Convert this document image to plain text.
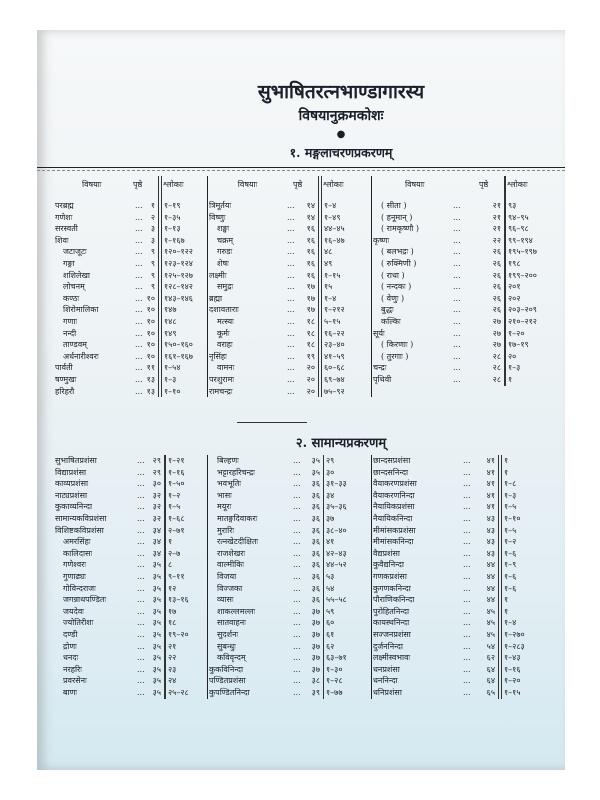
सुभाषितरत्नभाण्डागारस्य
विषयानुक्रमकोशः
●
१. मङ्गलाचरणप्रकरणम्
विषयाः	पृष्ठे	श्लोकाः
परब्रह्म	...	१ १–१९
गणेशः	...	२ १–३५
सरस्वती	...	३ १–१३
शिवः	...	३ १–१६७
जटाजूटः	...	९ १२०–१२२
गङ्गा	...	९ १२३–१२४
शशिलेखा	...	९ १२५–१२७
लोचनम्	...	९ १२८–१४२
कण्ठः	... १० १४३–१४६
शिरोमालिका	... १० १४७
गणाः	... १० १४८
नन्दी	... १० १४९
ताण्डवम्	... १० १५०–१६०
अर्धनारीश्वरः	... १० १६१–१६७
पार्वती	... ११ १–५४
षण्मुखः	... १३ १–३
हरिहरौ	... १३ १–१०
विषयाः	पृष्ठे	श्लोकाः
त्रिमूर्तयः	...	१४ १–४
विष्णुः	...	१४ १–४९
शङ्खः	...	१६ ४४–४५
चक्रम्	...	१६ १६–४७
गरुडः	...	१६ ४८
शेषः	...	१६ ४९
लक्ष्मीः	...	१६ १–१५
समुद्रः	...	१७ १५
ब्रह्मा	...	१७ १–४
दशावताराः	...	१७ १–२१२
मत्स्यः	...	१८ ५–१५
कूर्मः	...	१८ १६–२२
वराहः	...	१८ २३–४०
नृसिंहः	...	१९ ४१–५९
वामनः	...	२० ६०–६८
परशुरामः	...	२० ६९–७४
रामचन्द्रः	...	२० ७५–९२
विषयाः	पृष्ठे श्लोकाः
( सीता )	...	२१ ९३
( हनूमान् )	...	२१ ९४–९५
( रामकृष्णौ )	...	२१ ९६–९८
कृष्णः	...	२२ ९९–१९४
( बलभद्रः )	...	२६ १९५–१९७
( रुक्मिणी )	...	२६ १९८
( राधा )	...	२६ १९९–२००
( नन्दकः )	...	२६ २०१
( वेणुः )	...	२६ २०२
बुद्धः	...	२६ २०३–२०९
कल्किः	...	२७ २१०–२१२
सूर्यः	...	२७ १–२०
( किरणाः )	...	२७ १७–१९
( तुरगाः )	...	२८ २०
चन्द्रः	...	२८ १–३
पृथिवी	...	२८ १
२. सामान्यप्रकरणम्
सुभाषितप्रशंसा	...	२९ १–२१
विद्याप्रशंसा	...	२९ १–१६
काव्यप्रशंसा	...	३० १–५०
नाट्यप्रशंसा	...	३२ १–२
कुकाव्यनिन्दा	...	३२ १–५
सामान्यकविप्रशंसा	...	३२ १–६८
विशिष्टकविप्रशंसा	...	३४ २–७१
अमरसिंहः	...	३४ १
कालिदासः	...	३४ २–७
गणेश्वरः	...	३५ ८
गुणाढ्यः	...	३५ ९–११
गोविन्दराजः	...	३५ १२
जगन्नाथपण्डितः	...	३५ १३–१६
जयदेवः	...	३५ १७
ज्योतिरीशः	...	३५ १८
दण्डी	...	३५ १९–२०
द्रोणः	...	३५ २१
धनदः	...	३५ २२
नरहरिः	...	३५ २३
प्रवरसेनः	...	३५ २४
बाणः	...	३५ २५–२८
बिल्हणः	...	३५ २९
भट्टारहरिचन्द्रः	...	३५ ३०
भवभूतिः	...	३६ ३१–३३
भासः	...	३६ ३४
मयूरः	...	३६ ३५–३६
मातङ्गदिवाकरः	...	३६ ३७
मुरारिः	...	३६ ३८–४०
रत्नखेटदीक्षितः	...	३६ ४१
राजशेखरः	...	३६ ४२–४३
वाल्मीकिः	...	३६ ४४–५२
विजया	...	३६ ५३
विज्जका	...	३६ ५४
व्यासः	...	३६ ५५–५८
शाकल्लमल्लः	...	३७ ५९
सातवाहनः	...	३७ ६०
सुदर्शनः	...	३७ ६१
सुबन्धुः	...	३७ ६२
कविवृन्दम्	...	३७ ६३–७१
कुकविनिन्दा	...	३७ १–३०
पण्डितप्रशंसा	...	३८ १–२८
कुपण्डितनिन्दा	...	३९ १–७७
छान्दसप्रशंसा	...	४१ १
छान्दसनिन्दा	...	४१ १
वैयाकरणप्रशंसा	...	४१ १–८
वैयाकरणनिन्दा	...	४१ १–३
नैयायिकप्रशंसा	...	४१ १–५
नैयायिकनिन्दा	...	४३ १–१०
मीमांसकप्रशंसा	...	४३ १–५
मीमांसकनिन्दा	...	४३ १–२
वैद्यप्रशंसा	...	४३ १–६
कुवैद्यनिन्दा	...	४४ १–९
गणकप्रशंसा	...	४४ १–६
कुगणकनिन्दा	...	४४ १–६
पौराणिकनिन्दा	...	४४ १
पुरोहितनिन्दा	...	४५ १
कायस्थनिन्दा	...	४५ १–४
सज्जनप्रशंसा	...	४५ १–२७०
दुर्जननिन्दा	...	५४ १–२८३
लक्ष्मीस्वभावः	...	६२ १–४३
धनप्रशंसा	...	६४ १–१६
धननिन्दा	...	६४ १–२०
धनिप्रशंसा	...	६५ १–१५
